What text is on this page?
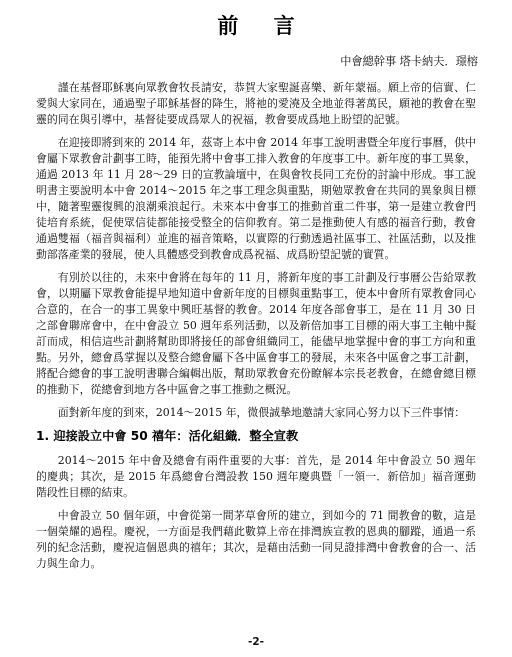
前 言
中會總幹事 塔卡納夫．璟榕

謹在基督耶穌裏向眾教會牧長請安，恭賀大家聖誕喜樂、新年蒙福。願上帝的信實、仁愛與大家同在，通過聖子耶穌基督的降生，將祂的愛澆及全地並得著萬民，願祂的教會在聖靈的同在與引導中，基督徒要成爲眾人的祝福，教會要成爲地上盼望的記號。

在迎接即將到來的 2014 年，茲寄上本中會 2014 年事工說明書暨全年度行事曆，供中會屬下眾教會計劃事工時，能預先將中會事工排入教會的年度事工中。新年度的事工異象，通過 2013 年 11 月 28～29 日的宣教論壇中，在與會牧長同工充份的討論中形成。事工說明書主要說明本中會 2014～2015 年之事工理念與重點，期勉眾教會在共同的異象與目標中，隨著聖靈復興的浪潮乘浪起行。未來本中會事工的推動首重二件事，第一是建立教會門徒培育系統，促使眾信徒都能接受整全的信仰教育。第二是推動使人有感的福音行動，教會通過雙福（福音與福利）並進的福音策略，以實際的行動透過社區事工、社區活動，以及推動部落產業的發展，使人具體感受到教會成爲祝福、成爲盼望記號的實質。

有別於以往的，未來中會將在每年的 11 月，將新年度的事工計劃及行事曆公告給眾教會，以期屬下眾教會能提早地知道中會新年度的目標與重點事工，使本中會所有眾教會同心合意的，在合一的事工異象中興旺基督的教會。2014 年度各部會事工，是在 11 月 30 日之部會聯席會中，在中會設立 50 週年系列活動，以及新倍加事工目標的兩大事工主軸中擬訂而成，相信這些計劃將幫助即將接任的部會組織同工，能儘早地掌握中會的事工方向和重點。另外，總會爲掌握以及整合總會屬下各中區會事工的發展，未來各中區會之事工計劃，將配合總會的事工說明書聯合編輯出版，幫助眾教會充份瞭解本宗長老教會，在總會總目標的推動下，從總會到地方各中區會之事工推動之概況。

面對新年度的到來，2014～2015 年，微偎誠摯地邀請大家同心努力以下三件事情：

1. 迎接設立中會 50 禧年：活化組織．整全宣教

2014～2015 年中會及總會有兩件重要的大事：首先，是 2014 年中會設立 50 週年的慶典；其次，是 2015 年爲總會台灣設教 150 週年慶典暨「一領一．新倍加」福音運動階段性目標的結束。

中會設立 50 個年頭，中會從第一間茅草會所的建立，到如今的 71 間教會的數，這是一個榮耀的過程。慶祝，一方面是我們藉此數算上帝在排灣族宣教的恩典的腳蹤，通過一系列的紀念活動，慶祝這個恩典的禧年；其次，是藉由活動一同見證排灣中會教會的合一、活力與生命力。

-2-
